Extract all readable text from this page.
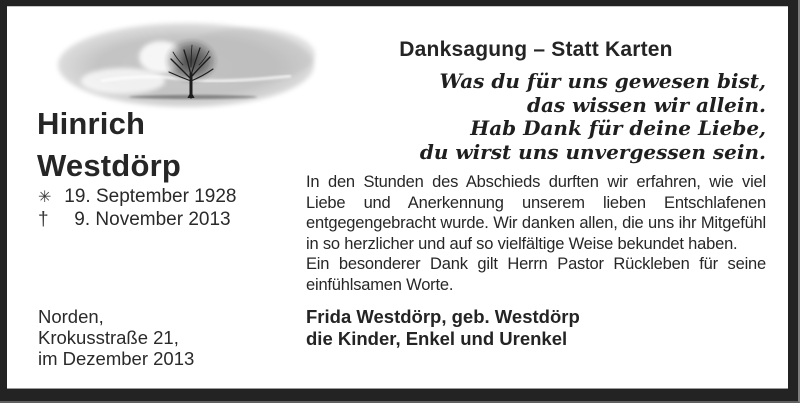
Hinrich
Westdörp
✳ 19. September 1928
† 9. November 2013
Norden,
Krokusstraße 21,
im Dezember 2013
Danksagung – Statt Karten
Was du für uns gewesen bist,
das wissen wir allein.
Hab Dank für deine Liebe,
du wirst uns unvergessen sein.

In den Stunden des Abschieds durften wir erfahren, wie viel Liebe und Anerkennung unserem lieben Entschlafenen entgegengebracht wurde. Wir danken allen, die uns ihr Mitgefühl in so herzlicher und auf so vielfältige Weise bekundet haben.

Ein besonderer Dank gilt Herrn Pastor Rückleben für seine einfühlsamen Worte.

Frida Westdörp, geb. Westdörp
die Kinder, Enkel und Urenkel
